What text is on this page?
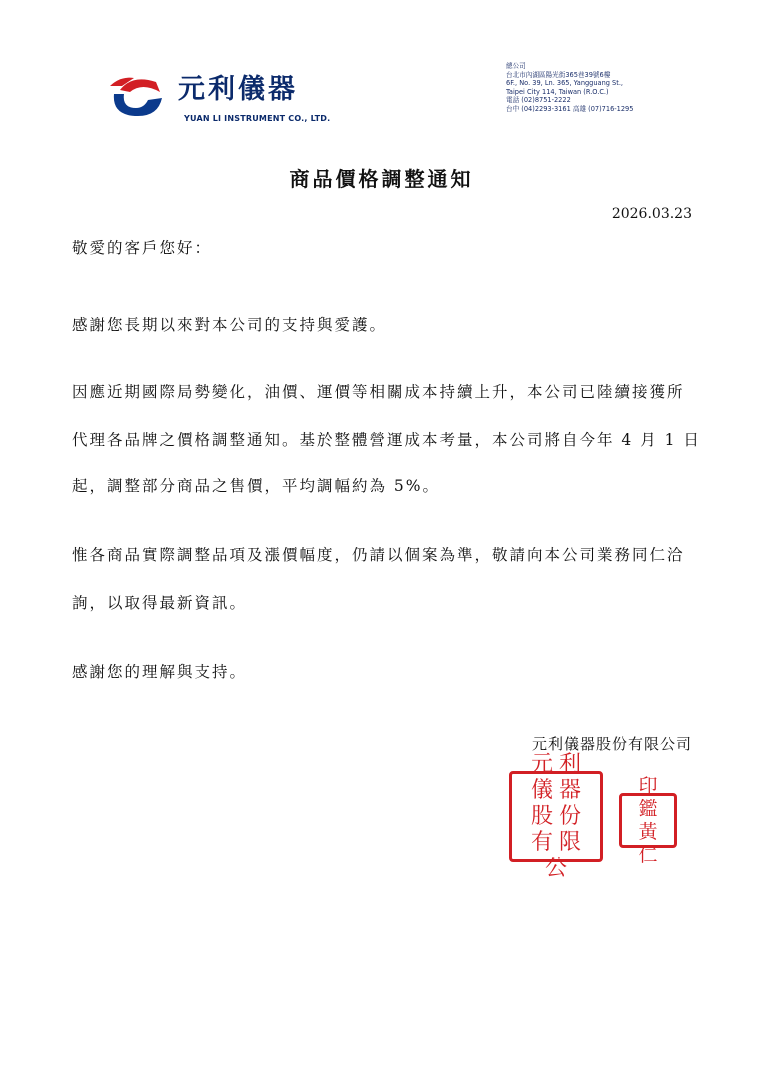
元利儀器
YUAN LI INSTRUMENT CO., LTD.
總公司
台北市內湖區陽光街365巷39號6樓
6F., No. 39, Ln. 365, Yangguang St.,
Taipei City 114, Taiwan (R.O.C.)
電話 (02)8751-2222
台中 (04)2293-3161 高雄 (07)716-1295
商品價格調整通知
2026.03.23
敬愛的客戶您好：
感謝您長期以來對本公司的支持與愛護。
因應近期國際局勢變化，油價、運價等相關成本持續上升，本公司已陸續接獲所
代理各品牌之價格調整通知。基於整體營運成本考量，本公司將自今年 4 月 1 日
起，調整部分商品之售價，平均調幅約為 5%。
惟各商品實際調整品項及漲價幅度，仍請以個案為準，敬請向本公司業務同仁洽
詢，以取得最新資訊。
感謝您的理解與支持。
元利儀器股份有限公司
元 利
儀 器
股 份
有 限
公
印
鑑
黃
仁
